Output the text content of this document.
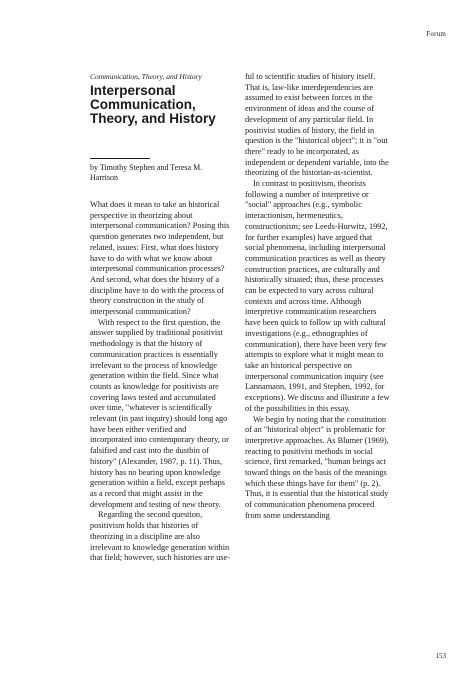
Forum

Communication, Theory, and History

Interpersonal
Communication,
Theory, and History

by Timothy Stephen and Teresa M. Harrison

What does it mean to take an historical perspective in theorizing about interpersonal communication? Posing this question generates two independent, but related, issues: First, what does history have to do with what we know about interpersonal communication processes? And second, what does the history of a discipline have to do with the process of theory construction in the study of interpersonal communication?

With respect to the first question, the answer supplied by traditional positivist methodology is that the history of communication practices is essentially irrelevant to the process of knowledge generation within the field. Since what counts as knowledge for positivists are covering laws tested and accumulated over time, "whatever is scientifically relevant (in past inquiry) should long ago have been either verified and incorporated into contemporary theory, or falsified and cast into the dustbin of history" (Alexander, 1987, p. 11). Thus, history has no bearing upon knowledge generation within a field, except perhaps as a record that might assist in the development and testing of new theory.

Regarding the second question, positivism holds that histories of theorizing in a discipline are also irrelevant to knowledge generation within that field; however, such histories are use-

ful to scientific studies of history itself. That is, law-like interdependencies are assumed to exist between forces in the environment of ideas and the course of development of any particular field. In positivist studies of history, the field in question is the "historical object"; it is "out there" ready to be incorporated, as independent or dependent variable, into the theorizing of the historian-as-scientist.

In contrast to positivism, theorists following a number of interpretive or "social" approaches (e.g., symbolic interactionism, hermeneutics, constructionism; see Leeds-Hurwitz, 1992, for further examples) have argued that social phenomena, including interpersonal communication practices as well as theory construction practices, are culturally and historically situated; thus, these processes can be expected to vary across cultural contexts and across time. Although interpretive communication researchers have been quick to follow up with cultural investigations (e.g., ethnographies of communication), there have been very few attempts to explore what it might mean to take an historical perspective on interpersonal communication inquiry (see Lannamann, 1991, and Stephen, 1992, for exceptions). We discuss and illustrate a few of the possibilities in this essay.

We begin by noting that the constitution of an "historical object" is problematic for interpretive approaches. As Blumer (1969), reacting to positivist methods in social science, first remarked, "human beings act toward things on the basis of the meanings which these things have for them" (p. 2). Thus, it is essential that the historical study of communication phenomena proceed from some understanding

153
